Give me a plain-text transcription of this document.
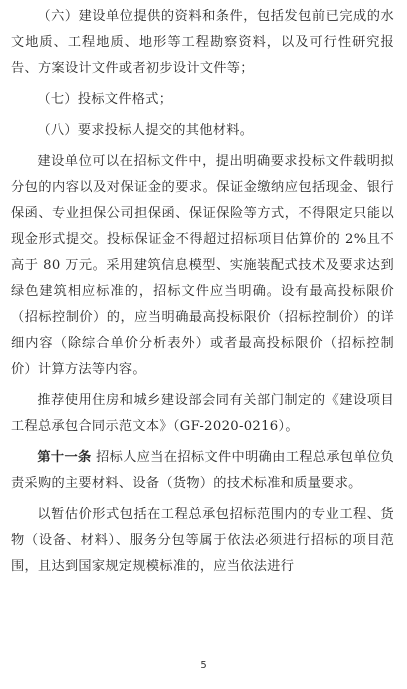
（六）建设单位提供的资料和条件，包括发包前已完成的水文地质、工程地质、地形等工程勘察资料，以及可行性研究报告、方案设计文件或者初步设计文件等；

（七）投标文件格式；

（八）要求投标人提交的其他材料。

建设单位可以在招标文件中，提出明确要求投标文件载明拟分包的内容以及对保证金的要求。保证金缴纳应包括现金、银行保函、专业担保公司担保函、保证保险等方式，不得限定只能以现金形式提交。投标保证金不得超过招标项目估算价的 2%且不高于 80 万元。采用建筑信息模型、实施装配式技术及要求达到绿色建筑相应标准的，招标文件应当明确。设有最高投标限价（招标控制价）的，应当明确最高投标限价（招标控制价）的详细内容（除综合单价分析表外）或者最高投标限价（招标控制价）计算方法等内容。

推荐使用住房和城乡建设部会同有关部门制定的《建设项目工程总承包合同示范文本》（GF-2020-0216）。

第十一条 招标人应当在招标文件中明确由工程总承包单位负责采购的主要材料、设备（货物）的技术标准和质量要求。

以暂估价形式包括在工程总承包招标范围内的专业工程、货物（设备、材料）、服务分包等属于依法必须进行招标的项目范围，且达到国家规定规模标准的，应当依法进行

5
